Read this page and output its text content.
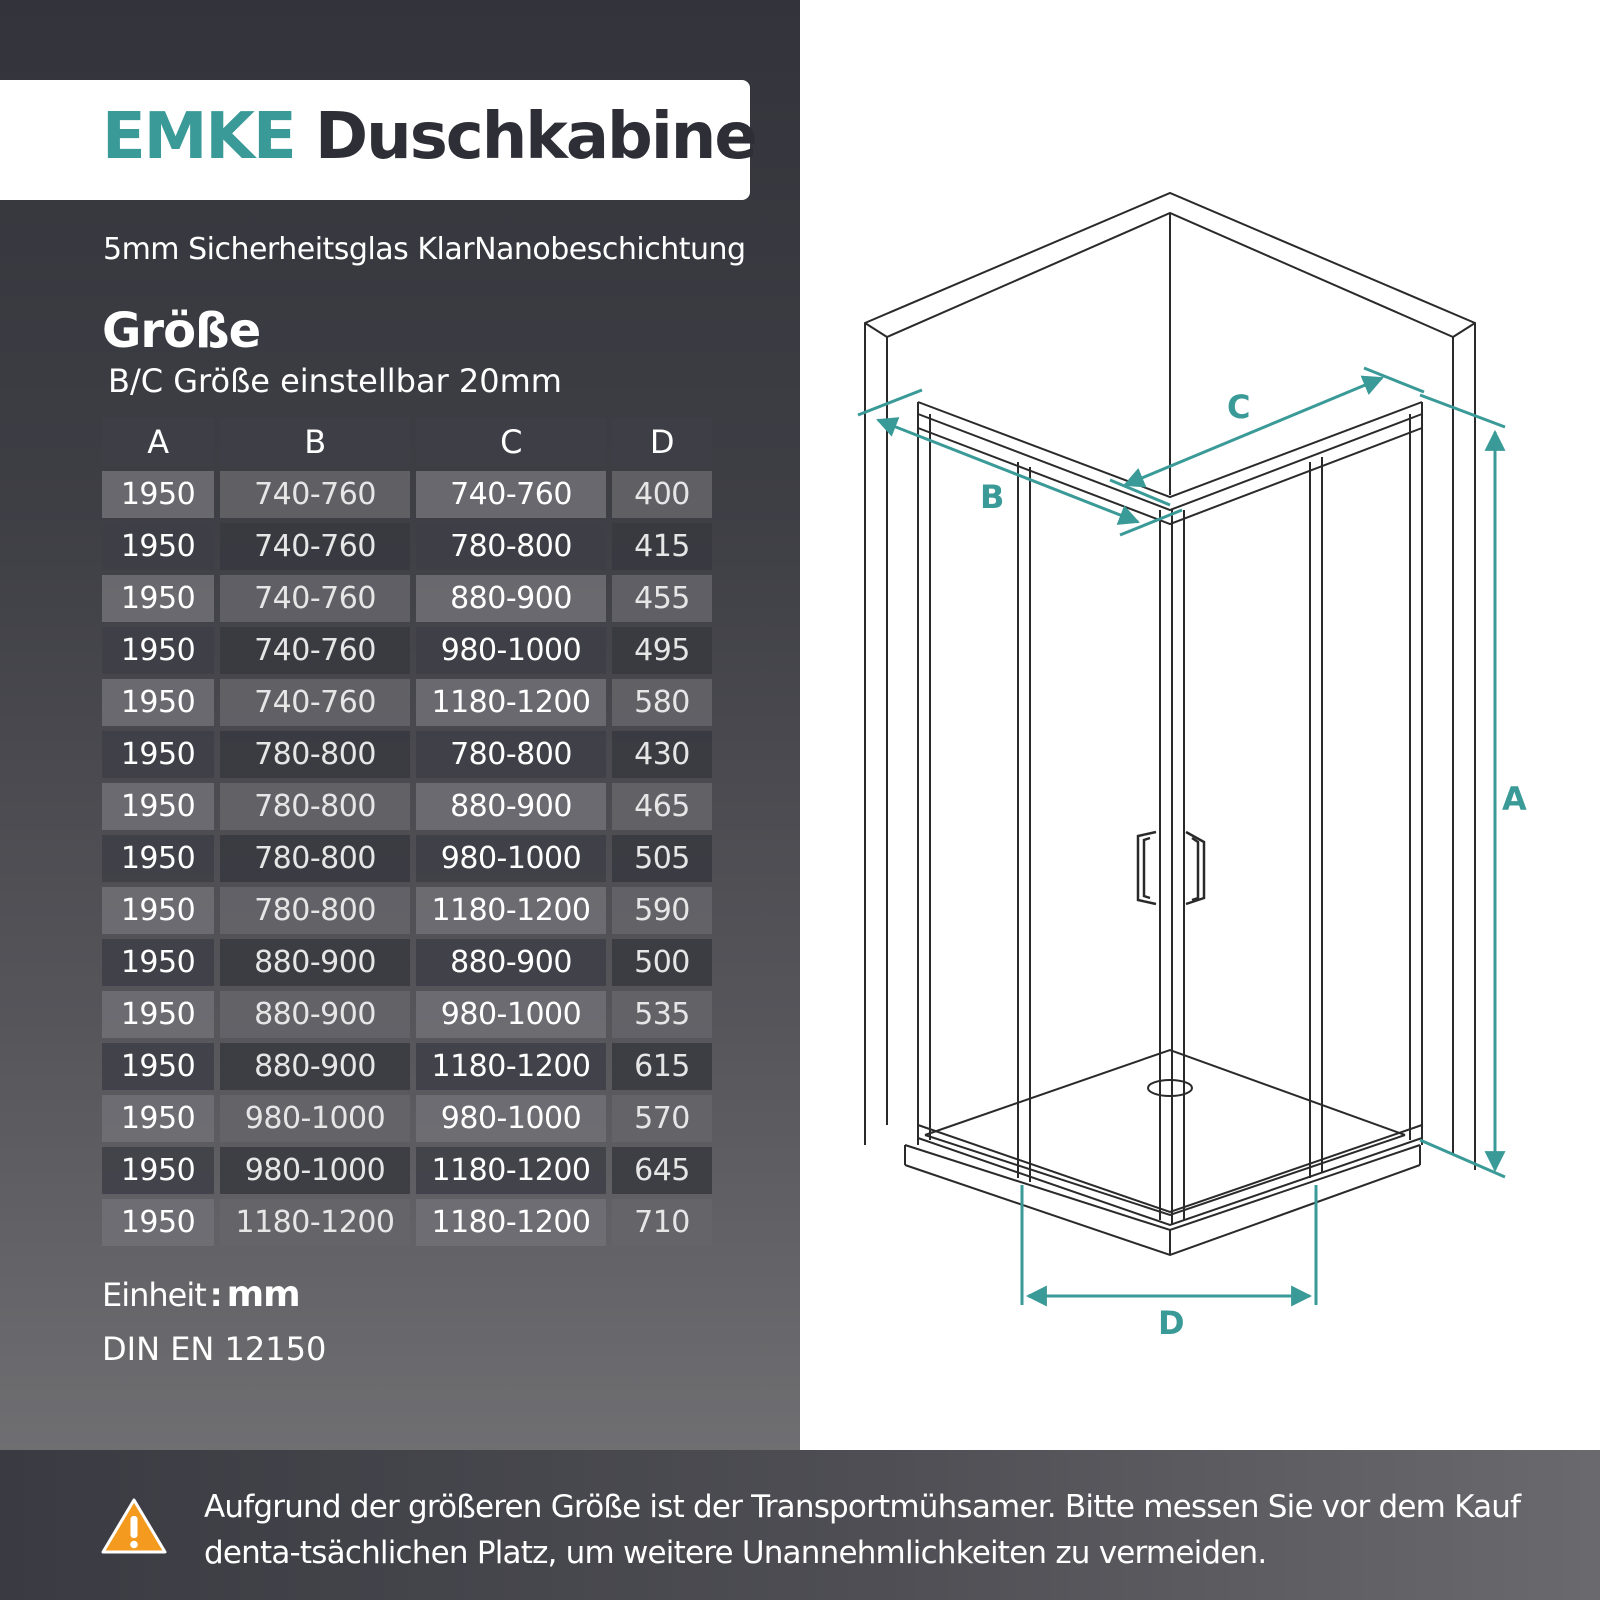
EMKE Duschkabine
5mm Sicherheitsglas KlarNanobeschichtung
Größe
B/C Größe einstellbar 20mm
A	B	C	D
1950	740-760	740-760	400
1950	740-760	780-800	415
1950	740-760	880-900	455
1950	740-760	980-1000	495
1950	740-760	1180-1200	580
1950	780-800	780-800	430
1950	780-800	880-900	465
1950	780-800	980-1000	505
1950	780-800	1180-1200	590
1950	880-900	880-900	500
1950	880-900	980-1000	535
1950	880-900	1180-1200	615
1950	980-1000	980-1000	570
1950	980-1000	1180-1200	645
1950	1180-1200	1180-1200	710
Einheit : mm
DIN EN 12150
B
C
A
D
Aufgrund der größeren Größe ist der Transportmühsamer. Bitte messen Sie vor dem Kauf
denta-tsächlichen Platz, um weitere Unannehmlichkeiten zu vermeiden.
